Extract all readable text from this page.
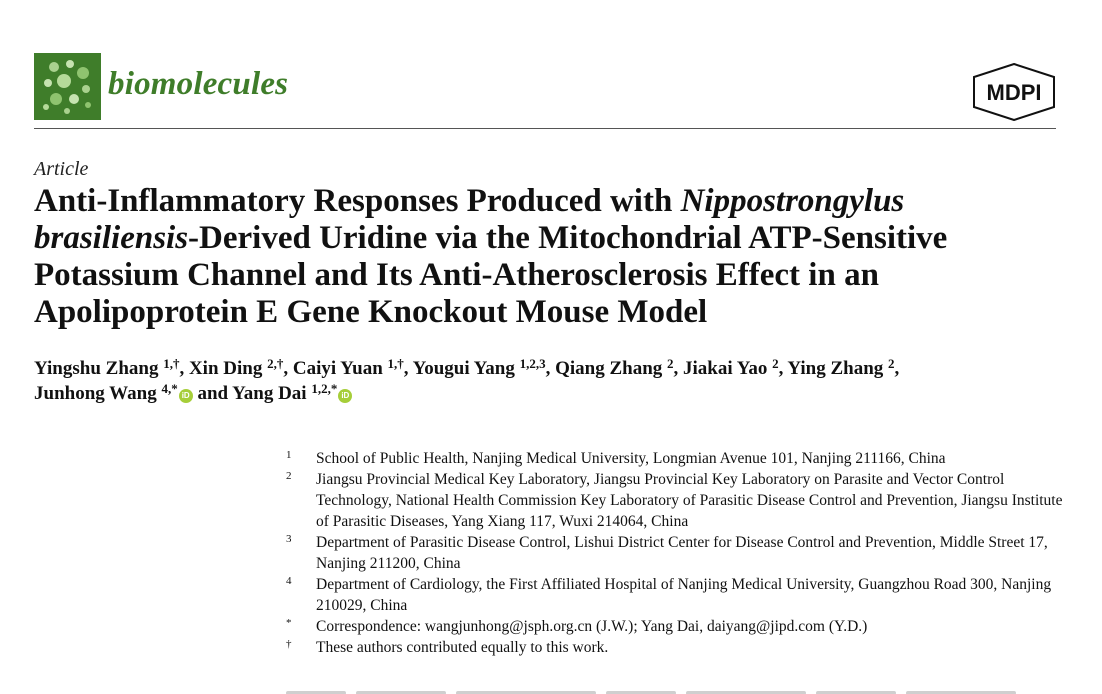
biomolecules	MDPI
Article
Anti-Inflammatory Responses Produced with Nippostrongylus brasiliensis-Derived Uridine via the Mitochondrial ATP-Sensitive Potassium Channel and Its Anti-Atherosclerosis Effect in an Apolipoprotein E Gene Knockout Mouse Model
Yingshu Zhang $^{1,\dagger}$, Xin Ding $^{2,\dagger}$, Caiyi Yuan $^{1,\dagger}$, Yougui Yang $^{1,2,3}$, Qiang Zhang $^2$, Jiakai Yao $^2$, Ying Zhang $^2$,
Junhong Wang $^{4,*}$ iD and Yang Dai $^{1,2,*}$ iD
1 School of Public Health, Nanjing Medical University, Longmian Avenue 101, Nanjing 211166, China
2 Jiangsu Provincial Medical Key Laboratory, Jiangsu Provincial Key Laboratory on Parasite and Vector Control Technology, National Health Commission Key Laboratory of Parasitic Disease Control and Prevention, Jiangsu Institute of Parasitic Diseases, Yang Xiang 117, Wuxi 214064, China
3 Department of Parasitic Disease Control, Lishui District Center for Disease Control and Prevention, Middle Street 17, Nanjing 211200, China
4 Department of Cardiology, the First Affiliated Hospital of Nanjing Medical University, Guangzhou Road 300, Nanjing 210029, China
* Correspondence: wangjunhong@jsph.org.cn (J.W.); Yang Dai, daiyang@jipd.com (Y.D.)
† These authors contributed equally to this work.
